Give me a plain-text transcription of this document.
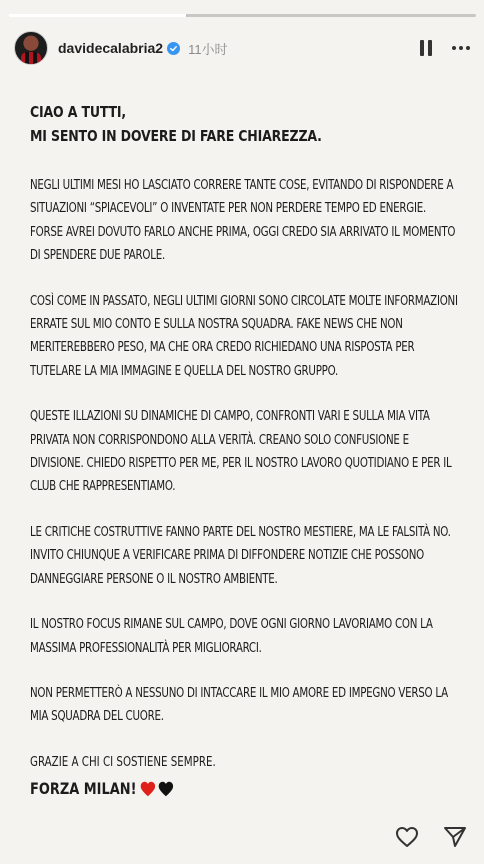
davidecalabria2 11小时
CIAO A TUTTI,
MI SENTO IN DOVERE DI FARE CHIAREZZA.
NEGLI ULTIMI MESI HO LASCIATO CORRERE TANTE COSE, EVITANDO DI RISPONDERE A SITUAZIONI “SPIACEVOLI” O INVENTATE PER NON PERDERE TEMPO ED ENERGIE. FORSE AVREI DOVUTO FARLO ANCHE PRIMA, OGGI CREDO SIA ARRIVATO IL MOMENTO DI SPENDERE DUE PAROLE.
COSÌ COME IN PASSATO, NEGLI ULTIMI GIORNI SONO CIRCOLATE MOLTE INFORMAZIONI ERRATE SUL MIO CONTO E SULLA NOSTRA SQUADRA. FAKE NEWS CHE NON MERITEREBBERO PESO, MA CHE ORA CREDO RICHIEDANO UNA RISPOSTA PER TUTELARE LA MIA IMMAGINE E QUELLA DEL NOSTRO GRUPPO.
QUESTE ILLAZIONI SU DINAMICHE DI CAMPO, CONFRONTI VARI E SULLA MIA VITA PRIVATA NON CORRISPONDONO ALLA VERITÀ. CREANO SOLO CONFUSIONE E DIVISIONE. CHIEDO RISPETTO PER ME, PER IL NOSTRO LAVORO QUOTIDIANO E PER IL CLUB CHE RAPPRESENTIAMO.
LE CRITICHE COSTRUTTIVE FANNO PARTE DEL NOSTRO MESTIERE, MA LE FALSITÀ NO. INVITO CHIUNQUE A VERIFICARE PRIMA DI DIFFONDERE NOTIZIE CHE POSSONO DANNEGGIARE PERSONE O IL NOSTRO AMBIENTE.
IL NOSTRO FOCUS RIMANE SUL CAMPO, DOVE OGNI GIORNO LAVORIAMO CON LA MASSIMA PROFESSIONALITÀ PER MIGLIORARCI.
NON PERMETTERÒ A NESSUNO DI INTACCARE IL MIO AMORE ED IMPEGNO VERSO LA MIA SQUADRA DEL CUORE.
GRAZIE A CHI CI SOSTIENE SEMPRE.
FORZA MILAN!
